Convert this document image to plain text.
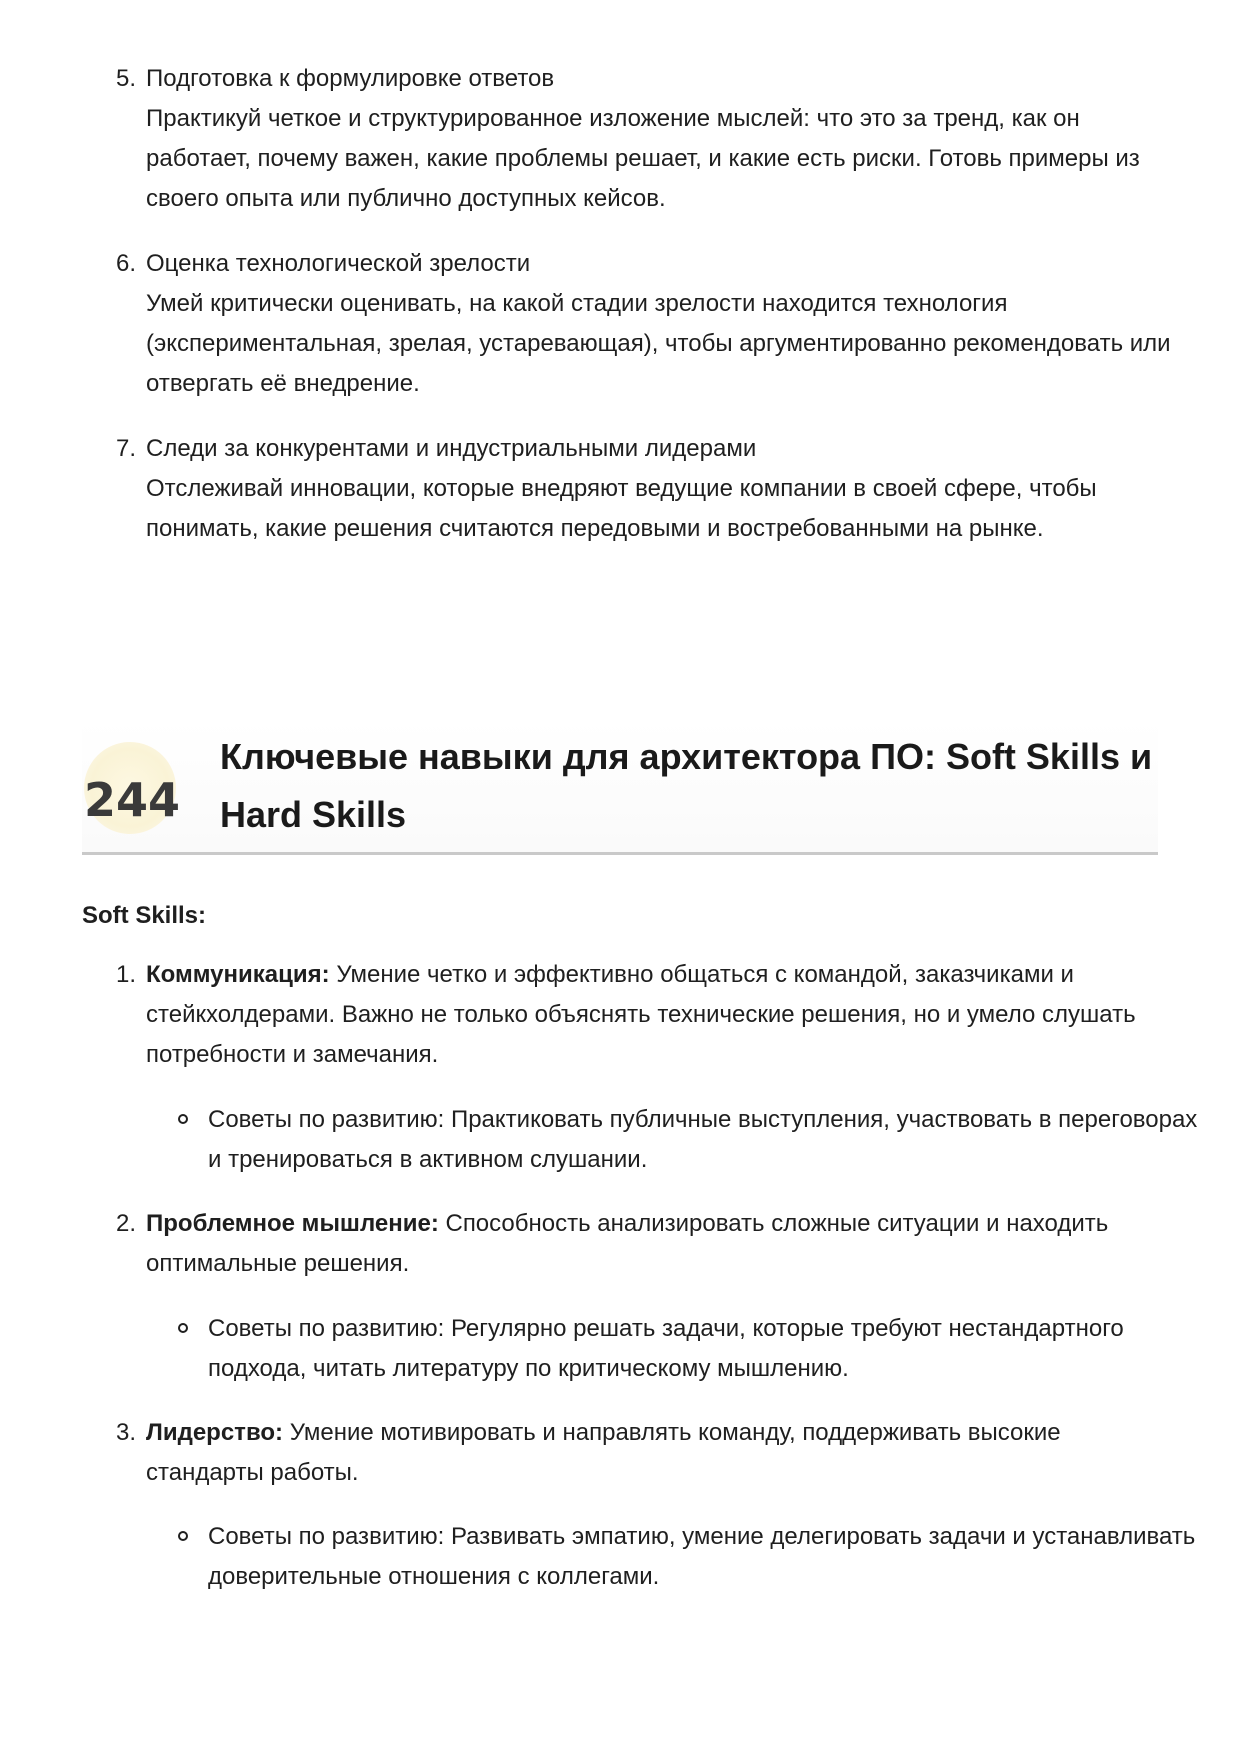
5. Подготовка к формулировке ответов
Практикуй четкое и структурированное изложение мыслей: что это за тренд, как он работает, почему важен, какие проблемы решает, и какие есть риски. Готовь примеры из своего опыта или публично доступных кейсов.
6. Оценка технологической зрелости
Умей критически оценивать, на какой стадии зрелости находится технология (экспериментальная, зрелая, устаревающая), чтобы аргументированно рекомендовать или отвергать её внедрение.
7. Следи за конкурентами и индустриальными лидерами
Отслеживай инновации, которые внедряют ведущие компании в своей сфере, чтобы понимать, какие решения считаются передовыми и востребованными на рынке.
244
Ключевые навыки для архитектора ПО: Soft Skills и Hard Skills
Soft Skills:
1. Коммуникация: Умение четко и эффективно общаться с командой, заказчиками и стейкхолдерами. Важно не только объяснять технические решения, но и умело слушать потребности и замечания.
Советы по развитию: Практиковать публичные выступления, участвовать в переговорах и тренироваться в активном слушании.
2. Проблемное мышление: Способность анализировать сложные ситуации и находить оптимальные решения.
Советы по развитию: Регулярно решать задачи, которые требуют нестандартного подхода, читать литературу по критическому мышлению.
3. Лидерство: Умение мотивировать и направлять команду, поддерживать высокие стандарты работы.
Советы по развитию: Развивать эмпатию, умение делегировать задачи и устанавливать доверительные отношения с коллегами.
